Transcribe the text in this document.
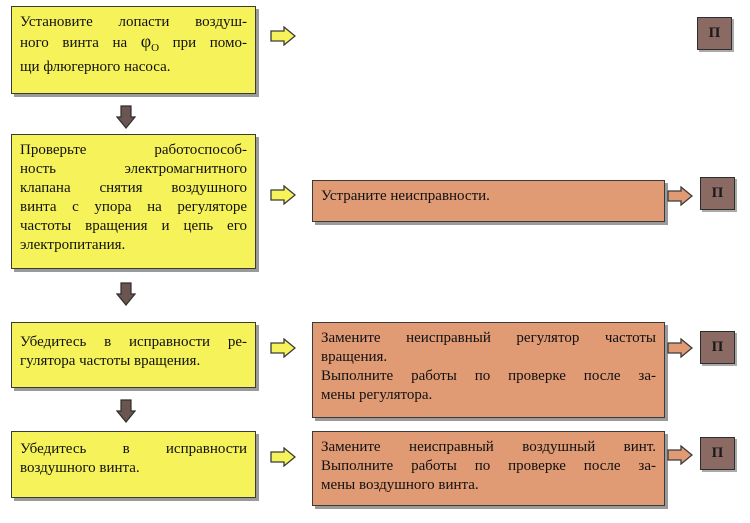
Установите лопасти воздуш-
ного винта на $\varphi_О$ при помо-
щи флюгерного насоса.
Проверьте работоспособ-
ность электромагнитного
клапана снятия воздушного
винта с упора на регуляторе
частоты вращения и цепь его
электропитания.
Убедитесь в исправности ре-
гулятора частоты вращения.
Убедитесь в исправности
воздушного винта.
Устраните неисправности.
Замените неисправный регулятор частоты
вращения.
Выполните работы по проверке после за-
мены регулятора.
Замените неисправный воздушный винт.
Выполните работы по проверке после за-
мены воздушного винта.
П
П
П
П
